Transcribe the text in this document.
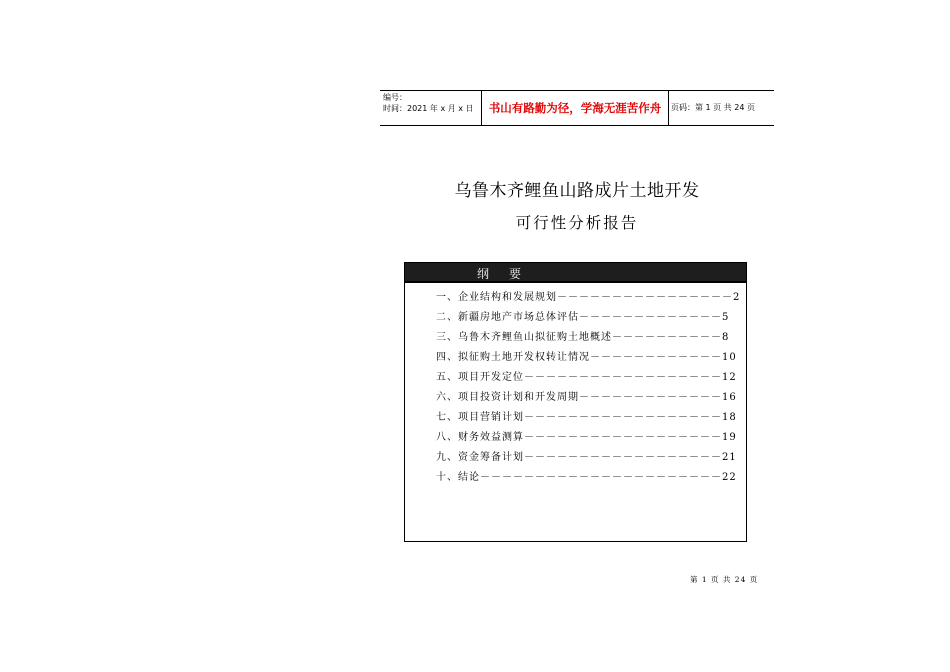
编号：
时间：2021 年 x 月 x 日	书山有路勤为径，学海无涯苦作舟	页码：第 1 页 共 24 页
乌鲁木齐鲤鱼山路成片土地开发
可行性分析报告
纲要
一、企业结构和发展规划－－－－－－－－－－－－－－－－2
二、新疆房地产市场总体评估－－－－－－－－－－－－－5
三、乌鲁木齐鲤鱼山拟征购土地概述－－－－－－－－－－8
四、拟征购土地开发权转让情况－－－－－－－－－－－－10
五、项目开发定位－－－－－－－－－－－－－－－－－－12
六、项目投资计划和开发周期－－－－－－－－－－－－－16
七、项目营销计划－－－－－－－－－－－－－－－－－－18
八、财务效益测算－－－－－－－－－－－－－－－－－－19
九、资金筹备计划－－－－－－－－－－－－－－－－－－21
十、结论－－－－－－－－－－－－－－－－－－－－－－22
第 1 页 共 24 页
